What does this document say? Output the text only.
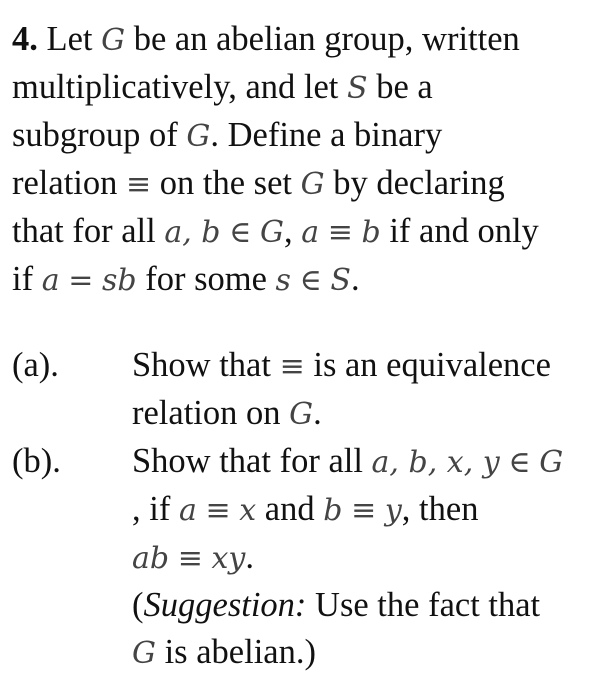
4. Let G be an abelian group, written
multiplicatively, and let S be a
subgroup of G. Define a binary
relation ≡ on the set G by declaring
that for all a, b ∈ G, a ≡ b if and only
if a = sb for some s ∈ S.
(a).	Show that ≡ is an equivalence
relation on G.
(b).	Show that for all a, b, x, y ∈ G
, if a ≡ x and b ≡ y, then
ab ≡ xy.
(Suggestion: Use the fact that
G is abelian.)
